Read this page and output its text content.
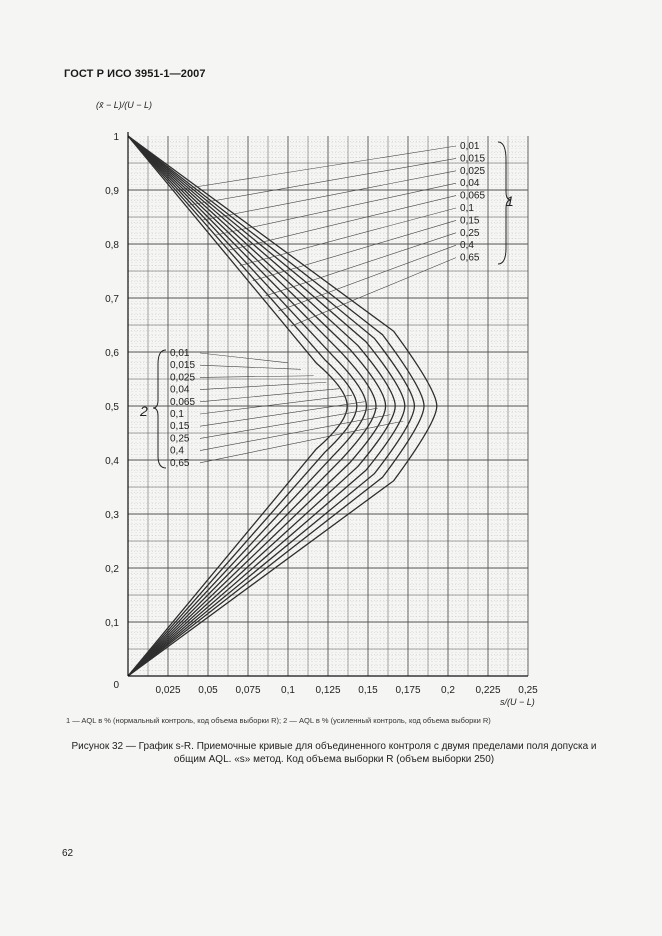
ГОСТ Р ИСО 3951-1—2007
0,025 0,05 0,075 0,1 0,125 0,15 0,175 0,2 0,225 0,25
0
0,1
0,2
0,3
0,4
0,5
0,6
0,7
0,8
0,9
1
0,01
0,015
0,025
0,04
0,065
0,1
0,15
0,25
0,4
0,65
0,01
0,015
0,025
0,04
0,065
0,1
0,15
0,25
0,4
0,65
(x̄ − L)/(U − L)
s/(U − L)
1
2
1 — AQL в % (нормальный контроль, код объема выборки R); 2 — AQL в % (усиленный контроль, код объема выборки R)
Рисунок 32 — График s-R. Приемочные кривые для объединенного контроля с двумя пределами поля допуска и общим AQL. «s» метод. Код объема выборки R (объем выборки 250)
62
